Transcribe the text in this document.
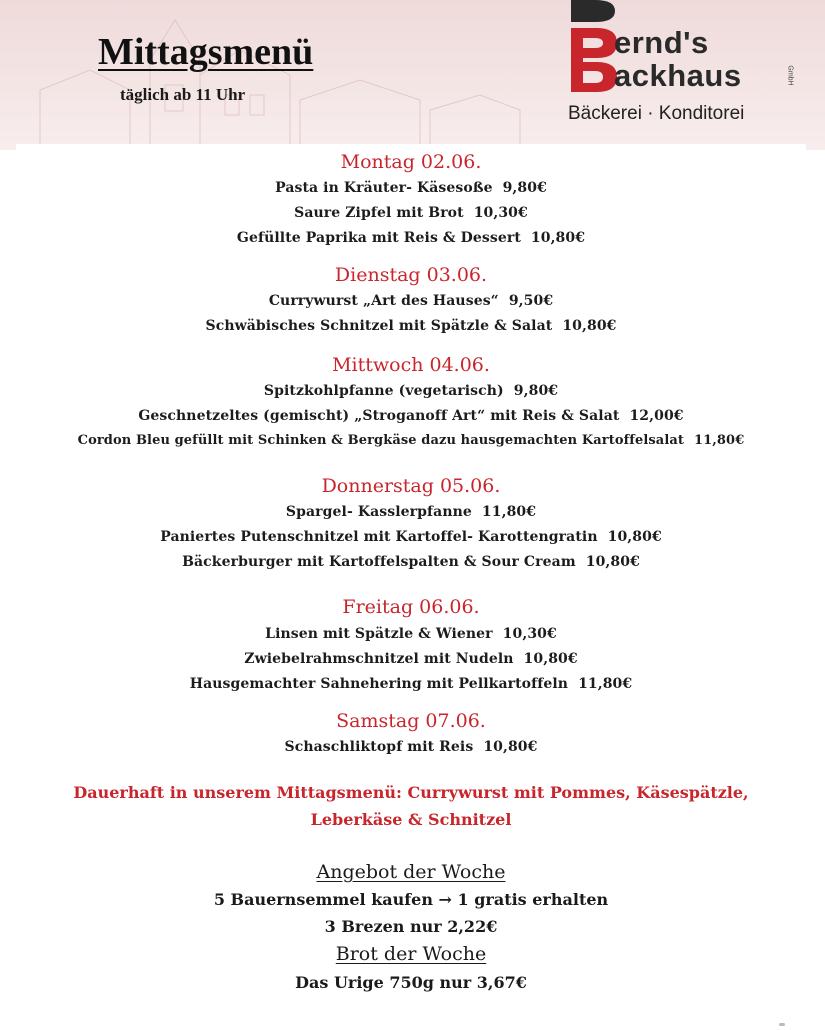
Mittagsmenü
täglich ab 11 Uhr
ernd's
ackhaus	GmbH
Bäckerei · Konditorei
Montag 02.06.
Pasta in Kräuter- Käsesoße 9,80€
Saure Zipfel mit Brot 10,30€
Gefüllte Paprika mit Reis & Dessert 10,80€
Dienstag 03.06.
Currywurst „Art des Hauses“ 9,50€
Schwäbisches Schnitzel mit Spätzle & Salat 10,80€
Mittwoch 04.06.
Spitzkohlpfanne (vegetarisch) 9,80€
Geschnetzeltes (gemischt) „Stroganoff Art“ mit Reis & Salat 12,00€
Cordon Bleu gefüllt mit Schinken & Bergkäse dazu hausgemachten Kartoffelsalat 11,80€
Donnerstag 05.06.
Spargel- Kasslerpfanne 11,80€
Paniertes Putenschnitzel mit Kartoffel- Karottengratin 10,80€
Bäckerburger mit Kartoffelspalten & Sour Cream 10,80€
Freitag 06.06.
Linsen mit Spätzle & Wiener 10,30€
Zwiebelrahmschnitzel mit Nudeln 10,80€
Hausgemachter Sahnehering mit Pellkartoffeln 11,80€
Samstag 07.06.
Schaschliktopf mit Reis 10,80€
Dauerhaft in unserem Mittagsmenü: Currywurst mit Pommes, Käsespätzle,
Leberkäse & Schnitzel
Angebot der Woche
5 Bauernsemmel kaufen → 1 gratis erhalten
3 Brezen nur 2,22€
Brot der Woche
Das Urige 750g nur 3,67€
